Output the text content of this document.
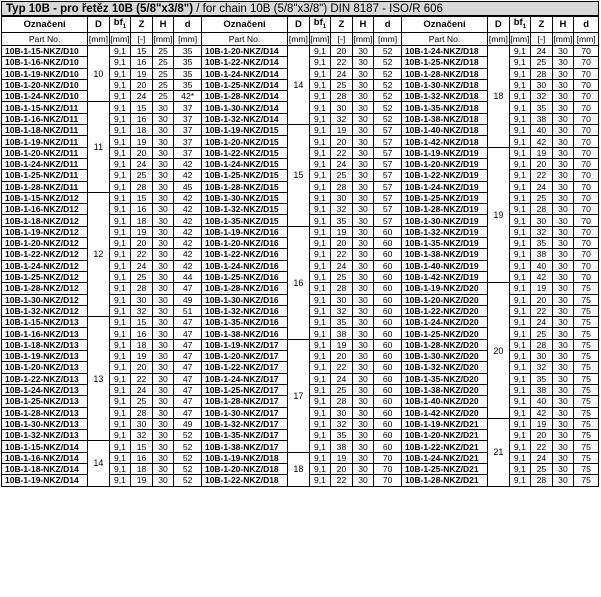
Typ 10B - pro řetěz 10B (5/8"x3/8") / for chain 10B (5/8"x3/8") DIN 8187 - ISO/R 606
Označení	D	$bf_1$	Z	H	d	Označení	D	$bf_1$	Z	H	d	Označení	D	$bf_1$	Z	H	d
Part No.	[mm]	[mm]	[-]	[mm]	[mm]	Part No.	[mm]	[mm]	[-]	[mm]	[mm]	Part No.	[mm]	[mm]	[-]	[mm]	[mm]
10B-1-15-NKZ/D10	10	9,1	15	25	35	10B-1-20-NKZ/D14	14	9,1	20	30	52	10B-1-24-NKZ/D18	18	9,1	24	30	70
10B-1-16-NKZ/D10		9,1	16	25	35	10B-1-22-NKZ/D14		9,1	22	30	52	10B-1-25-NKZ/D18		9,1	25	30	70
10B-1-19-NKZ/D10		9,1	19	25	35	10B-1-24-NKZ/D14		9,1	24	30	52	10B-1-28-NKZ/D18		9,1	28	30	70
10B-1-20-NKZ/D10		9,1	20	25	35	10B-1-25-NKZ/D14		9,1	25	30	52	10B-1-30-NKZ/D18		9,1	30	30	70
10B-1-24-NKZ/D10		9,1	24	25	42*	10B-1-28-NKZ/D14		9,1	28	30	52	10B-1-32-NKZ/D18		9,1	32	30	70
10B-1-15-NKZ/D11	11	9,1	15	30	37	10B-1-30-NKZ/D14		9,1	30	30	52	10B-1-35-NKZ/D18		9,1	35	30	70
10B-1-16-NKZ/D11		9,1	16	30	37	10B-1-32-NKZ/D14		9,1	32	30	52	10B-1-38-NKZ/D18		9,1	38	30	70
10B-1-18-NKZ/D11		9,1	18	30	37	10B-1-19-NKZ/D15	15	9,1	19	30	57	10B-1-40-NKZ/D18		9,1	40	30	70
10B-1-19-NKZ/D11		9,1	19	30	37	10B-1-20-NKZ/D15		9,1	20	30	57	10B-1-42-NKZ/D18		9,1	42	30	70
10B-1-20-NKZ/D11		9,1	20	30	37	10B-1-22-NKZ/D15		9,1	22	30	57	10B-1-19-NKZ/D19	19	9,1	19	30	70
10B-1-24-NKZ/D11		9,1	24	30	42	10B-1-24-NKZ/D15		9,1	24	30	57	10B-1-20-NKZ/D19		9,1	20	30	70
10B-1-25-NKZ/D11		9,1	25	30	42	10B-1-25-NKZ/D15		9,1	25	30	57	10B-1-22-NKZ/D19		9,1	22	30	70
10B-1-28-NKZ/D11		9,1	28	30	45	10B-1-28-NKZ/D15		9,1	28	30	57	10B-1-24-NKZ/D19		9,1	24	30	70
10B-1-15-NKZ/D12	12	9,1	15	30	42	10B-1-30-NKZ/D15		9,1	30	30	57	10B-1-25-NKZ/D19		9,1	25	30	70
10B-1-16-NKZ/D12		9,1	16	30	42	10B-1-32-NKZ/D15		9,1	32	30	57	10B-1-28-NKZ/D19		9,1	28	30	70
10B-1-18-NKZ/D12		9,1	18	30	42	10B-1-35-NKZ/D15		9,1	35	30	57	10B-1-30-NKZ/D19		9,1	30	30	70
10B-1-19-NKZ/D12		9,1	19	30	42	10B-1-19-NKZ/D16	16	9,1	19	30	60	10B-1-32-NKZ/D19		9,1	32	30	70
10B-1-20-NKZ/D12		9,1	20	30	42	10B-1-20-NKZ/D16		9,1	20	30	60	10B-1-35-NKZ/D19		9,1	35	30	70
10B-1-22-NKZ/D12		9,1	22	30	42	10B-1-22-NKZ/D16		9,1	22	30	60	10B-1-38-NKZ/D19		9,1	38	30	70
10B-1-24-NKZ/D12		9,1	24	30	42	10B-1-24-NKZ/D16		9,1	24	30	60	10B-1-40-NKZ/D19		9,1	40	30	70
10B-1-25-NKZ/D12		9,1	25	30	44	10B-1-25-NKZ/D16		9,1	25	30	60	10B-1-42-NKZ/D19		9,1	42	30	70
10B-1-28-NKZ/D12		9,1	28	30	47	10B-1-28-NKZ/D16		9,1	28	30	60	10B-1-19-NKZ/D20	20	9,1	19	30	75
10B-1-30-NKZ/D12		9,1	30	30	49	10B-1-30-NKZ/D16		9,1	30	30	60	10B-1-20-NKZ/D20		9,1	20	30	75
10B-1-32-NKZ/D12		9,1	32	30	51	10B-1-32-NKZ/D16		9,1	32	30	60	10B-1-22-NKZ/D20		9,1	22	30	75
10B-1-15-NKZ/D13	13	9,1	15	30	47	10B-1-35-NKZ/D16		9,1	35	30	60	10B-1-24-NKZ/D20		9,1	24	30	75
10B-1-16-NKZ/D13		9,1	16	30	47	10B-1-38-NKZ/D16		9,1	38	30	60	10B-1-25-NKZ/D20		9,1	25	30	75
10B-1-18-NKZ/D13		9,1	18	30	47	10B-1-19-NKZ/D17	17	9,1	19	30	60	10B-1-28-NKZ/D20		9,1	28	30	75
10B-1-19-NKZ/D13		9,1	19	30	47	10B-1-20-NKZ/D17		9,1	20	30	60	10B-1-30-NKZ/D20		9,1	30	30	75
10B-1-20-NKZ/D13		9,1	20	30	47	10B-1-22-NKZ/D17		9,1	22	30	60	10B-1-32-NKZ/D20		9,1	32	30	75
10B-1-22-NKZ/D13		9,1	22	30	47	10B-1-24-NKZ/D17		9,1	24	30	60	10B-1-35-NKZ/D20		9,1	35	30	75
10B-1-24-NKZ/D13		9,1	24	30	47	10B-1-25-NKZ/D17		9,1	25	30	60	10B-1-38-NKZ/D20		9,1	38	30	75
10B-1-25-NKZ/D13		9,1	25	30	47	10B-1-28-NKZ/D17		9,1	28	30	60	10B-1-40-NKZ/D20		9,1	40	30	75
10B-1-28-NKZ/D13		9,1	28	30	47	10B-1-30-NKZ/D17		9,1	30	30	60	10B-1-42-NKZ/D20		9,1	42	30	75
10B-1-30-NKZ/D13		9,1	30	30	49	10B-1-32-NKZ/D17		9,1	32	30	60	10B-1-19-NKZ/D21	21	9,1	19	30	75
10B-1-32-NKZ/D13		9,1	32	30	52	10B-1-35-NKZ/D17		9,1	35	30	60	10B-1-20-NKZ/D21		9,1	20	30	75
10B-1-15-NKZ/D14	14	9,1	15	30	52	10B-1-38-NKZ/D17		9,1	38	30	60	10B-1-22-NKZ/D21		9,1	22	30	75
10B-1-16-NKZ/D14		9,1	16	30	52	10B-1-19-NKZ/D18	18	9,1	19	30	70	10B-1-24-NKZ/D21		9,1	24	30	75
10B-1-18-NKZ/D14		9,1	18	30	52	10B-1-20-NKZ/D18		9,1	20	30	70	10B-1-25-NKZ/D21		9,1	25	30	75
10B-1-19-NKZ/D14		9,1	19	30	52	10B-1-22-NKZ/D18		9,1	22	30	70	10B-1-28-NKZ/D21		9,1	28	30	75
